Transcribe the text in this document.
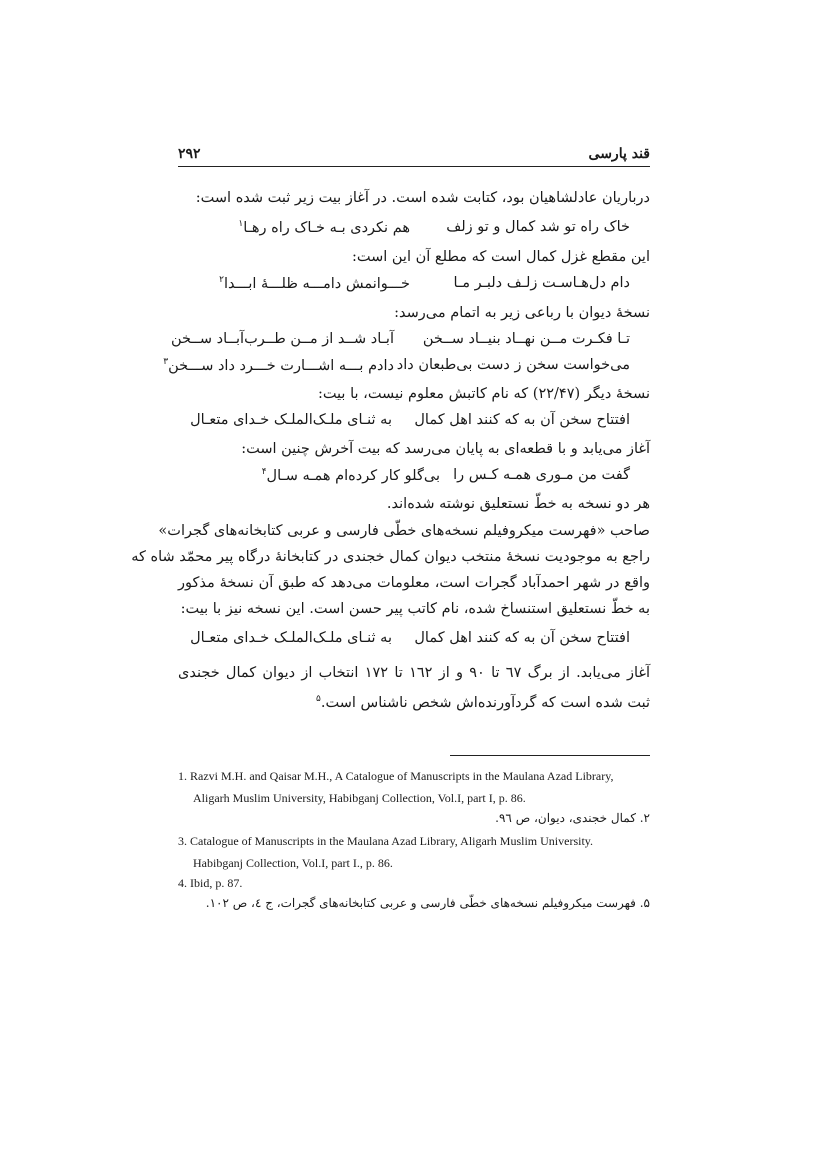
۲۹۲	قند پارسی
درباریان عادلشاهیان بود، کتابت شده است. در آغاز بیت زیر ثبت شده است:
خاک راه تو شد کمال و تو زلف
هم نکردی بـه خـاک راه رهـا$^۱$
این مقطع غزل کمال است که مطلع آن این است:
دام دل‌هـاسـت زلـف دلبـر مـا
خـــوانمش دامـــه ظلـــهٔ ابـــدا$^۲$
نسخهٔ دیوان با رباعی زیر به اتمام می‌رسد:
تـا فکـرت مــن نهــاد بنیــاد ســخن
آبـاد شــد از مــن طــرب‌آبــاد ســخن
می‌خواست سخن ز دست بی‌طبعان داد
دادم بـــه اشـــارت خـــرد داد ســـخن$^۳$
نسخهٔ دیگر (۲۲/۴۷) که نام کاتبش معلوم نیست، با بیت:
افتتاح سخن آن به که کنند اهل کمال
به ثنـای ملـک‌الملـک خـدای متعـال
آغاز می‌یابد و با قطعه‌ای به پایان می‌رسد که بیت آخرش چنین است:
گفت من مـوری همـه کـس را
بی‌گلو کار کرده‌ام همـه سـال$^۴$
هر دو نسخه به خطّ نستعلیق نوشته شده‌اند.
صاحب «فهرست میکروفیلم نسخه‌های خطّی فارسی و عربی کتابخانه‌های گجرات»
راجع به موجودیت نسخهٔ منتخب دیوان کمال خجندی در کتابخانهٔ درگاه پیر محمّد شاه که
واقع در شهر احمدآباد گجرات است، معلومات می‌دهد که طبق آن نسخهٔ مذکور
به خطّ نستعلیق استنساخ شده، نام کاتب پیر حسن است. این نسخه نیز با بیت:
افتتاح سخن آن به که کنند اهل کمال
به ثنـای ملـک‌الملـک خـدای متعـال
آغاز می‌یابد. از برگ ٦٧ تا ۹۰ و از ۱٦۲ تا ۱۷۲ انتخاب از دیوان کمال خجندی
ثبت شده است که گردآورنده‌اش شخص ناشناس است.$^۵$
1. Razvi M.H. and Qaisar M.H., A Catalogue of Manuscripts in the Maulana Azad Library,
Aligarh Muslim University, Habibganj Collection, Vol.I, part I, p. 86.
۲. کمال خجندی، دیوان، ص ۹٦.
3. Catalogue of Manuscripts in the Maulana Azad Library, Aligarh Muslim University.
Habibganj Collection, Vol.I, part I., p. 86.
4. Ibid, p. 87.
۵. فهرست میکروفیلم نسخه‌های خطّی فارسی و عربی کتابخانه‌های گجرات، ج ٤، ص ۱۰۲.
